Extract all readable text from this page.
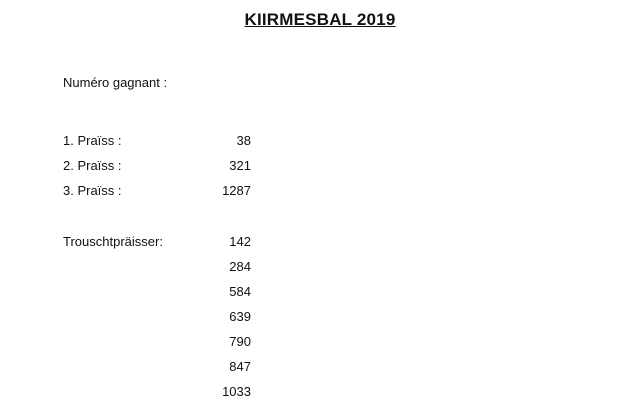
KIIRMESBAL 2019
Numéro gagnant :
1. Praïss :	38
2. Praïss :	321
3. Praïss :	1287
Trouschtpräisser:	142
284
584
639
790
847
1033
